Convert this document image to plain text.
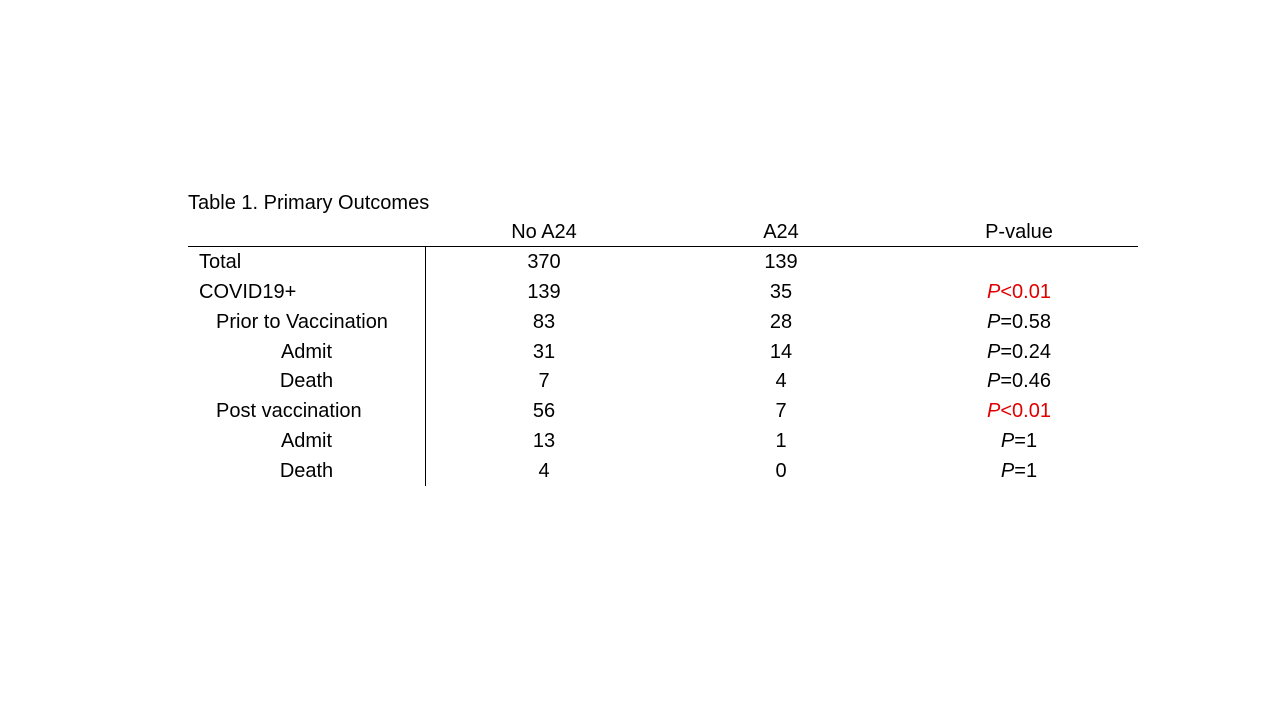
Table 1. Primary Outcomes
No A24	A24	P-value
Total	370	139
COVID19+	139	35	P<0.01
Prior to Vaccination	83	28	P=0.58
Admit	31	14	P=0.24
Death	7	4	P=0.46
Post vaccination	56	7	P<0.01
Admit	13	1	P=1
Death	4	0	P=1
